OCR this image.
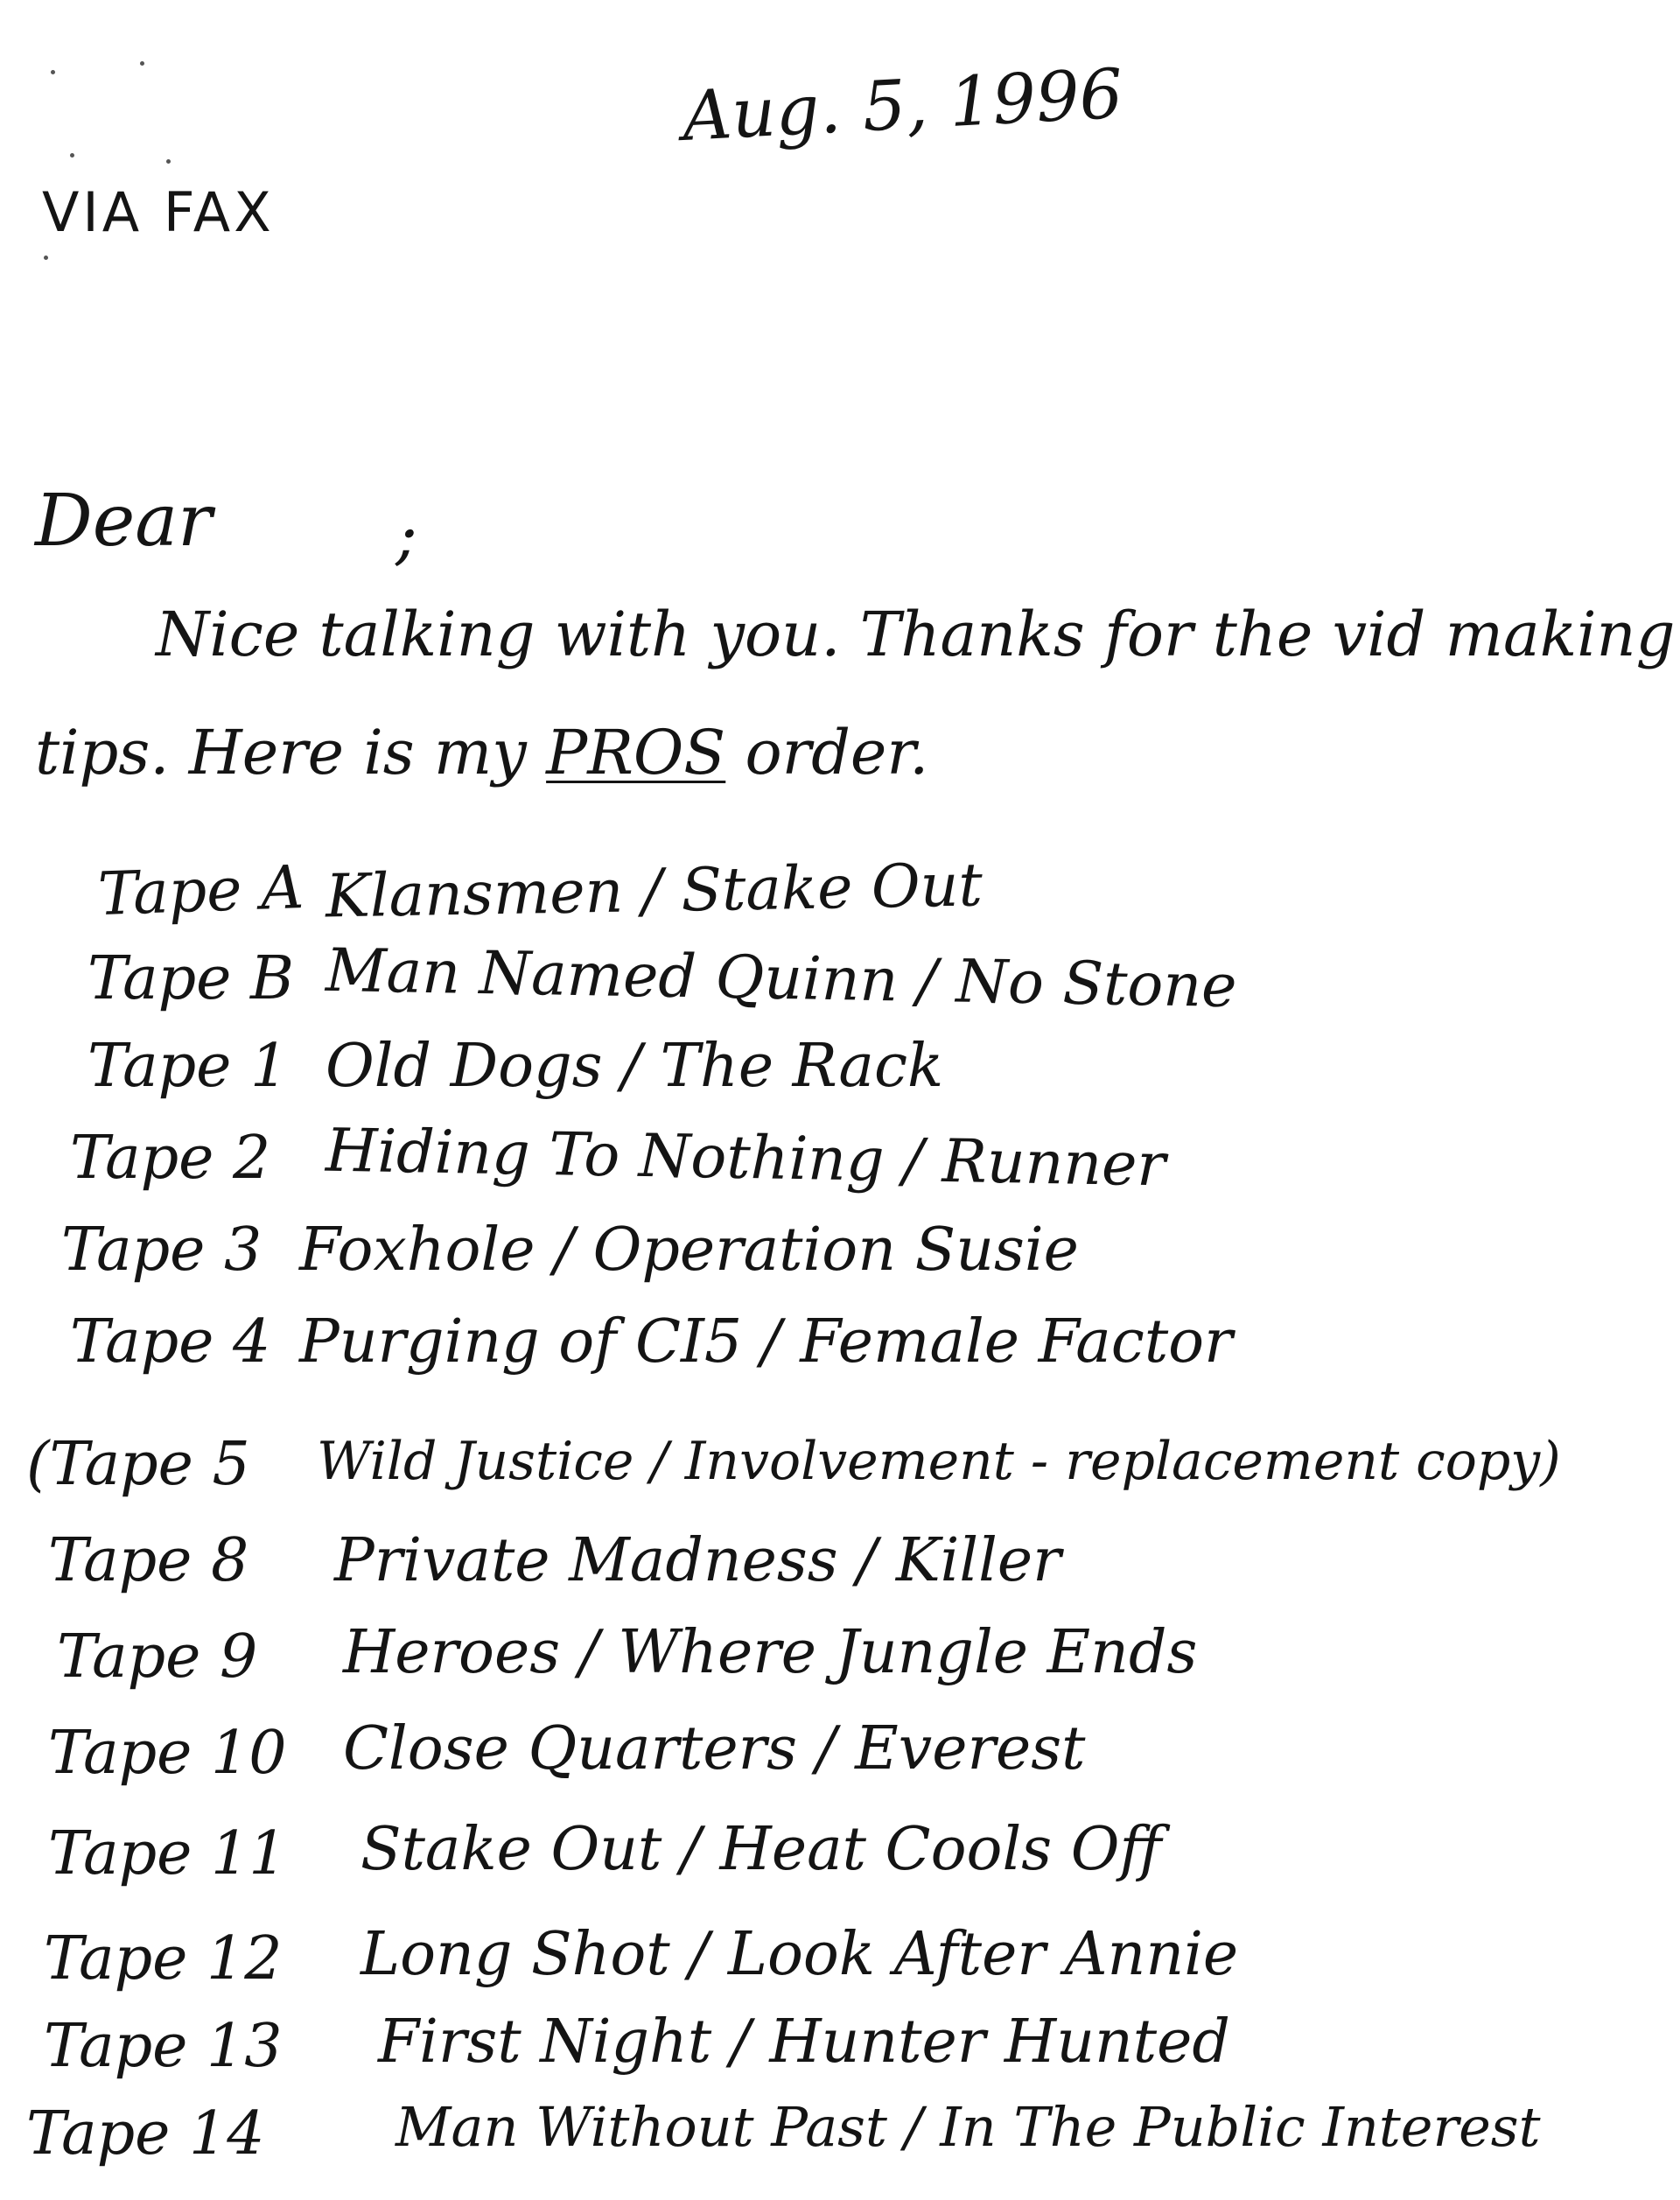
Aug. 5, 1996
VIA FAX
Dear	;
Nice talking with you. Thanks for the vid making
tips. Here is my PROS order.
Tape A Klansmen / Stake Out
Tape B Man Named Quinn / No Stone
Tape 1 Old Dogs / The Rack
Tape 2 Hiding To Nothing / Runner
Tape 3 Foxhole / Operation Susie
Tape 4 Purging of CI5 / Female Factor
(Tape 5 Wild Justice / Involvement - replacement copy)
Tape 8 Private Madness / Killer
Tape 9 Heroes / Where Jungle Ends
Tape 10 Close Quarters / Everest
Tape 11 Stake Out / Heat Cools Off
Tape 12 Long Shot / Look After Annie
Tape 13 First Night / Hunter Hunted
Tape 14 Man Without Past / In The Public Interest
